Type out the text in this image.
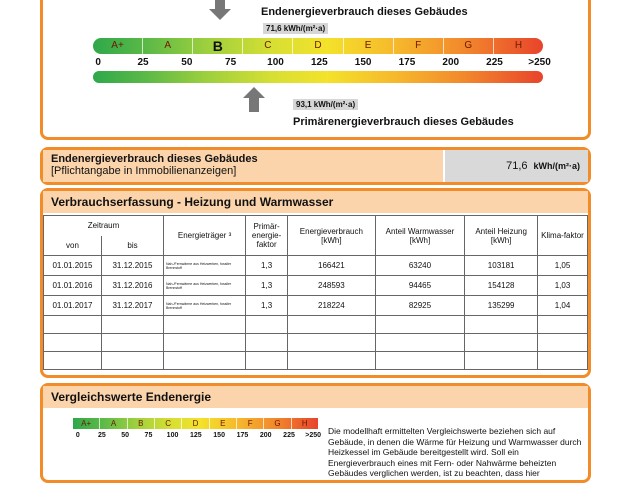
Endenergieverbrauch dieses Gebäudes
71,6 kWh/(m²·a)
A+	A	B	C	D	E	F	G	H
0	25	50	75	100	125	150	175	200	225	>250
93,1 kWh/(m²·a)
Primärenergieverbrauch dieses Gebäudes
Endenergieverbrauch dieses Gebäudes
[Pflichtangabe in Immobilienanzeigen]	71,6 kWh/(m²·a)
Verbrauchserfassung - Heizung und Warmwasser
Zeitraum		Energieträger ³	Primär-energie-faktor	Energieverbrauch [kWh]	Anteil Warmwasser [kWh]	Anteil Heizung [kWh]	Klima-faktor
von	bis						
01.01.2015	31.12.2015	Nah-/Fernwärme aus Heizwerken, fossiler Brennstoff	1,3	166421	63240	103181	1,05
01.01.2016	31.12.2016	Nah-/Fernwärme aus Heizwerken, fossiler Brennstoff	1,3	248593	94465	154128	1,03
01.01.2017	31.12.2017	Nah-/Fernwärme aus Heizwerken, fossiler Brennstoff	1,3	218224	82925	135299	1,04

Vergleichswerte Endenergie
A+	A	B	C	D	E	F	G	H
0	25 50 75 100 125 150 175 200 225 >250 Die modellhaft ermittelten Vergleichswerte beziehen sich auf Gebäude, in denen die Wärme für Heizung und Warmwasser durch Heizkessel im Gebäude bereitgestellt wird. Soll ein Energieverbrauch eines mit Fern- oder Nahwärme beheizten Gebäudes verglichen werden, ist zu beachten, dass hier
